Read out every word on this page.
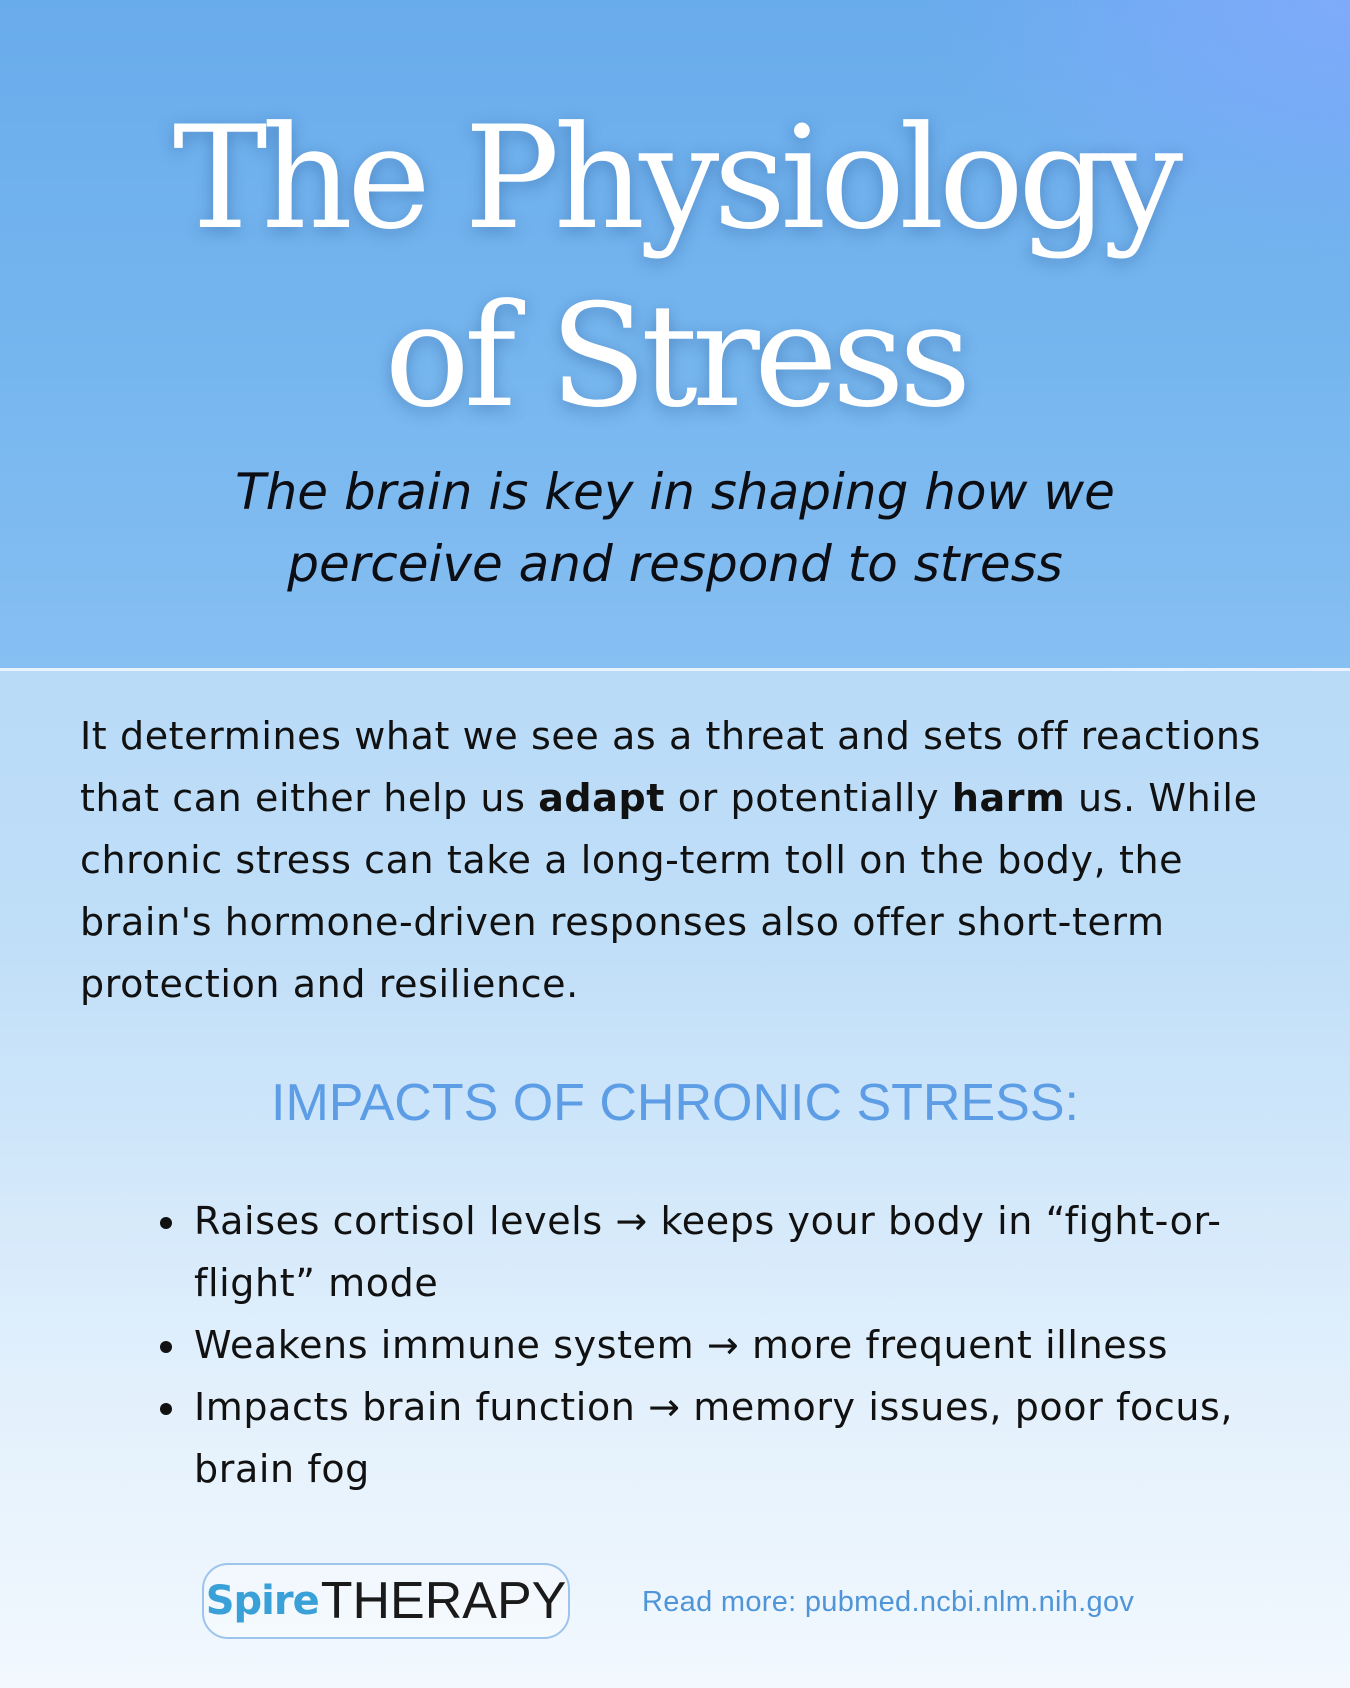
The Physiology
of Stress

The brain is key in shaping how we
perceive and respond to stress

It determines what we see as a threat and sets off reactions that can either help us adapt or potentially harm us. While chronic stress can take a long-term toll on the body, the brain's hormone-driven responses also offer short-term protection and resilience.

IMPACTS OF CHRONIC STRESS:
Raises cortisol levels → keeps your body in “fight-or-flight” mode
Weakens immune system → more frequent illness
Impacts brain function → memory issues, poor focus, brain fog
Spire THERAPY	Read more: pubmed.ncbi.nlm.nih.gov
